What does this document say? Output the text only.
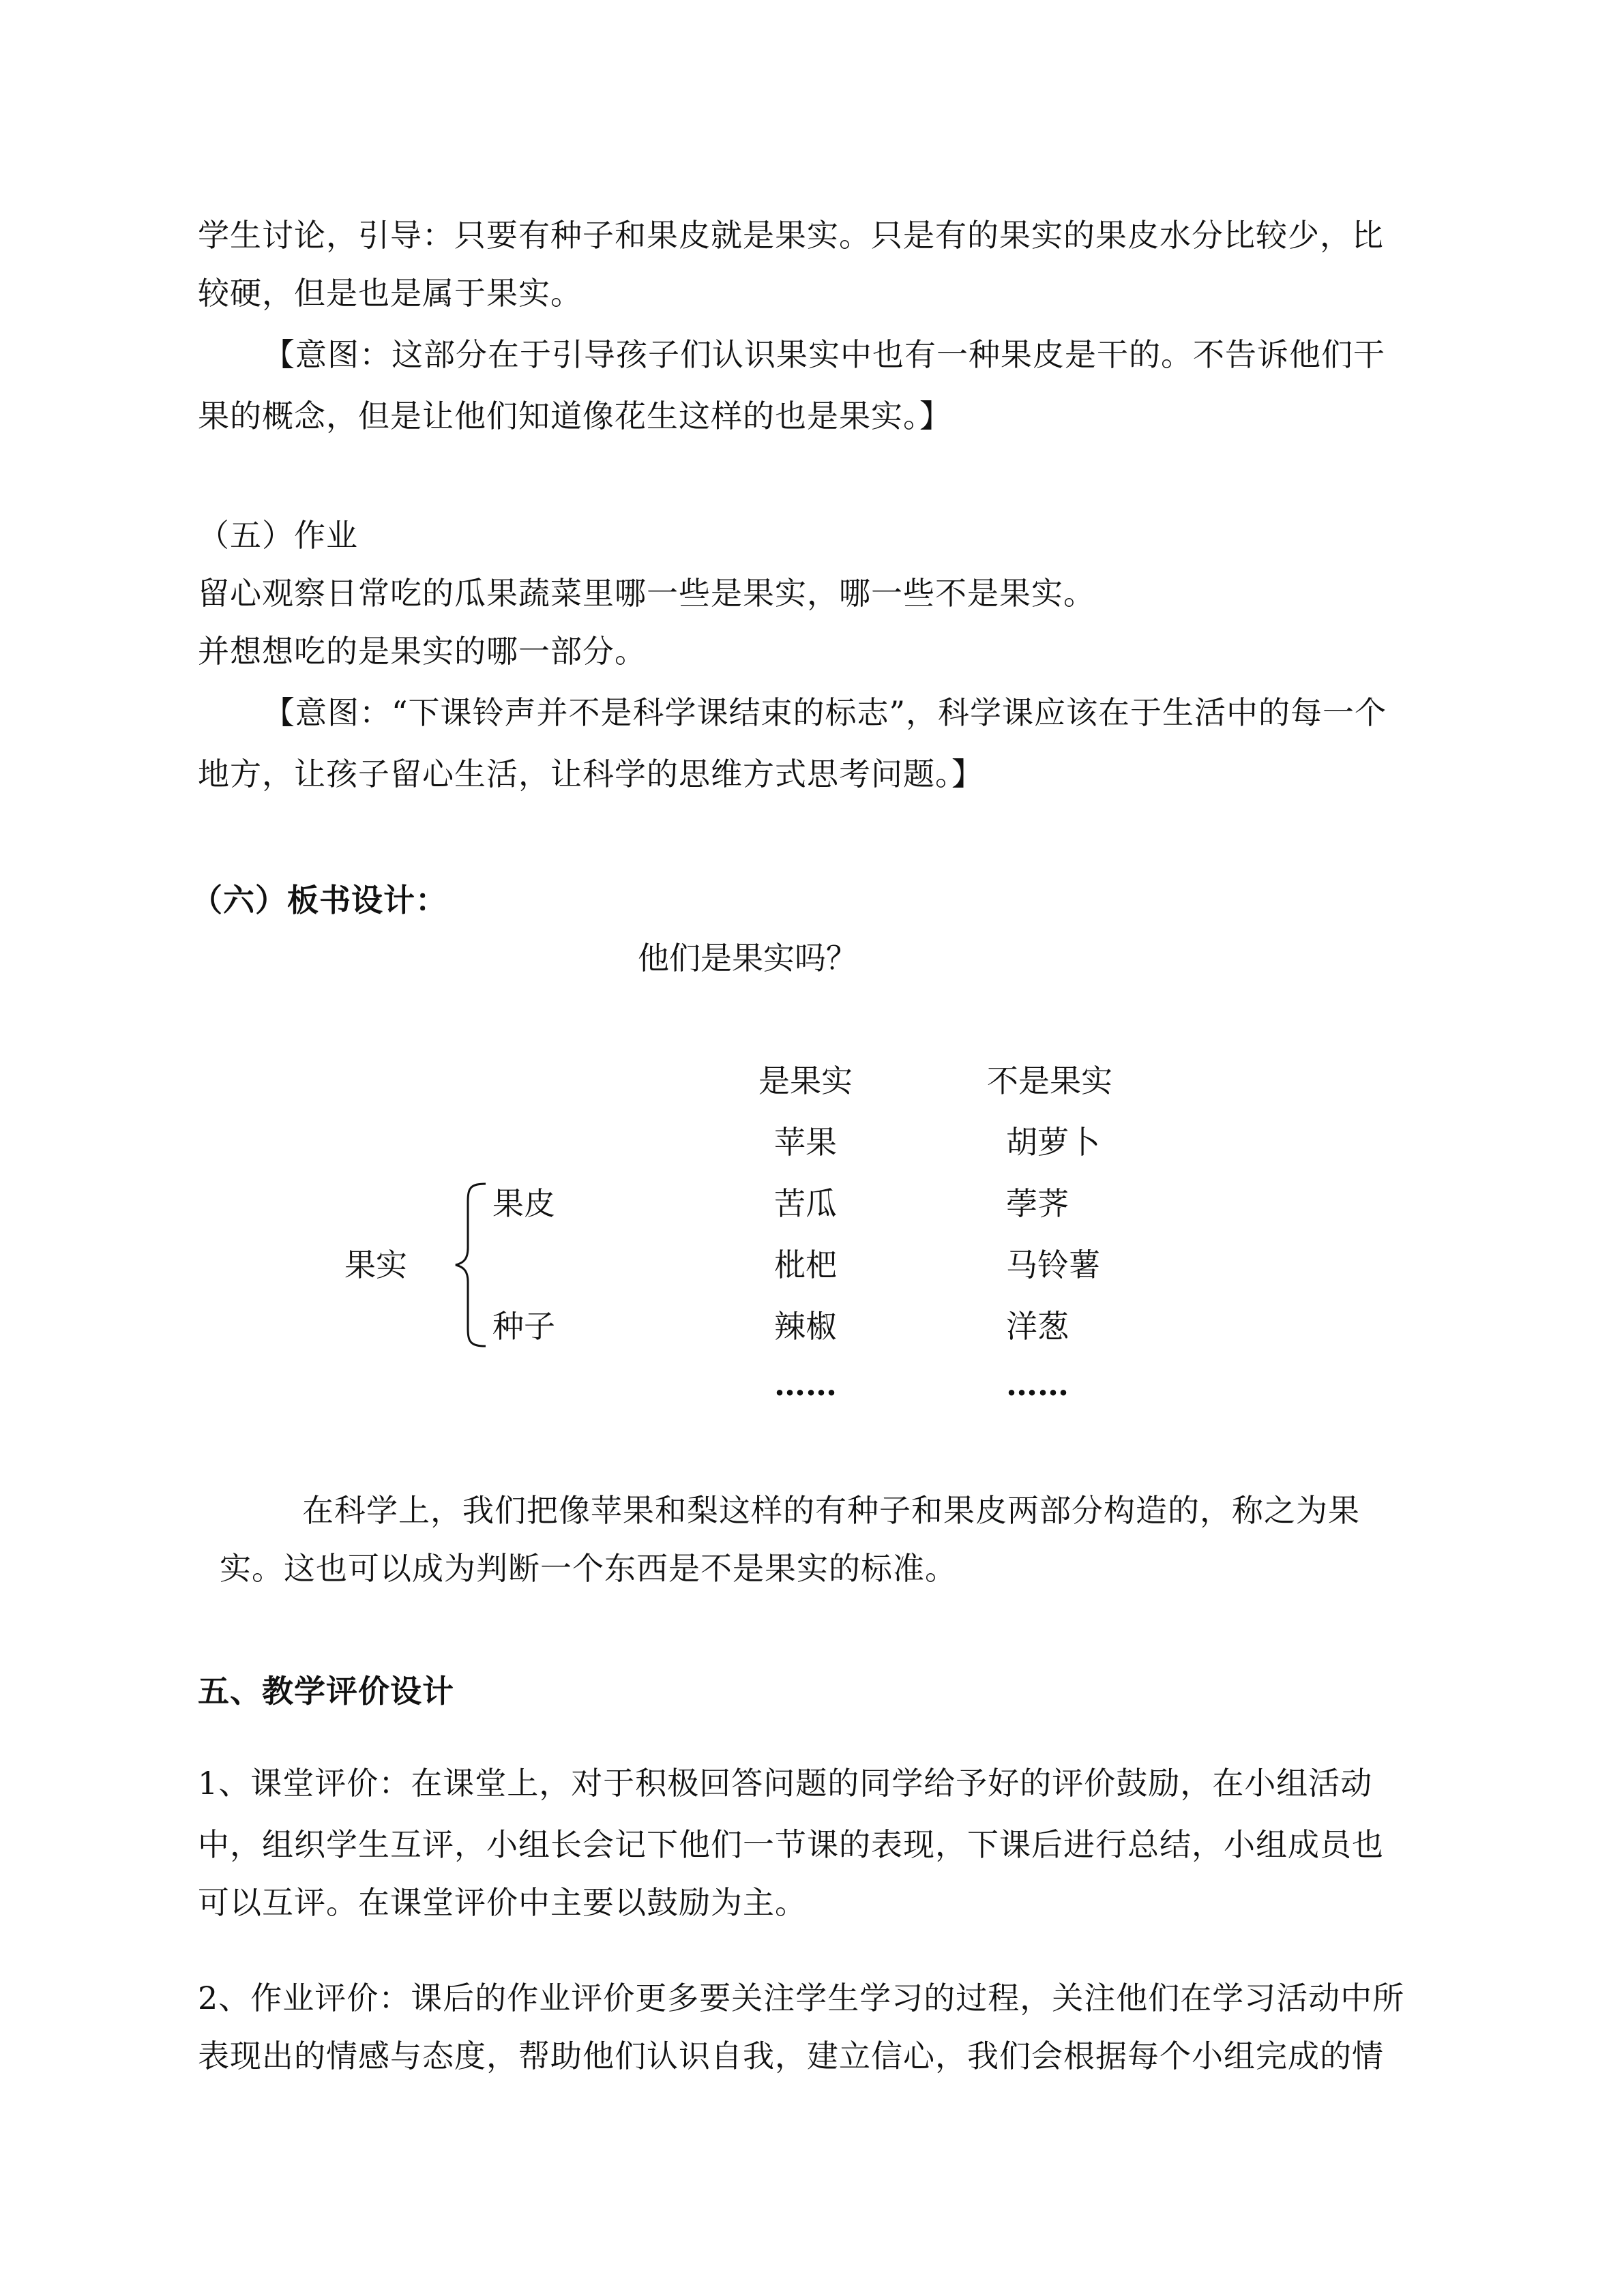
学生讨论，引导：只要有种子和果皮就是果实。只是有的果实的果皮水分比较少，比
较硬，但是也是属于果实。
【意图：这部分在于引导孩子们认识果实中也有一种果皮是干的。不告诉他们干
果的概念，但是让他们知道像花生这样的也是果实。】
（五）作业
留心观察日常吃的瓜果蔬菜里哪一些是果实，哪一些不是果实。
并想想吃的是果实的哪一部分。
【意图：“下课铃声并不是科学课结束的标志”，科学课应该在于生活中的每一个
地方，让孩子留心生活，让科学的思维方式思考问题。】
（六）板书设计：
他们是果实吗？
是果实	不是果实
苹果
苦瓜
枇杷
辣椒
……
胡萝卜
荸荠
马铃薯
洋葱
……
果实
果皮
种子
在科学上，我们把像苹果和梨这样的有种子和果皮两部分构造的，称之为果
实。这也可以成为判断一个东西是不是果实的标准。
五、教学评价设计
1、课堂评价：在课堂上，对于积极回答问题的同学给予好的评价鼓励，在小组活动
中，组织学生互评，小组长会记下他们一节课的表现，下课后进行总结，小组成员也
可以互评。在课堂评价中主要以鼓励为主。
2、作业评价：课后的作业评价更多要关注学生学习的过程，关注他们在学习活动中所
表现出的情感与态度，帮助他们认识自我，建立信心，我们会根据每个小组完成的情
